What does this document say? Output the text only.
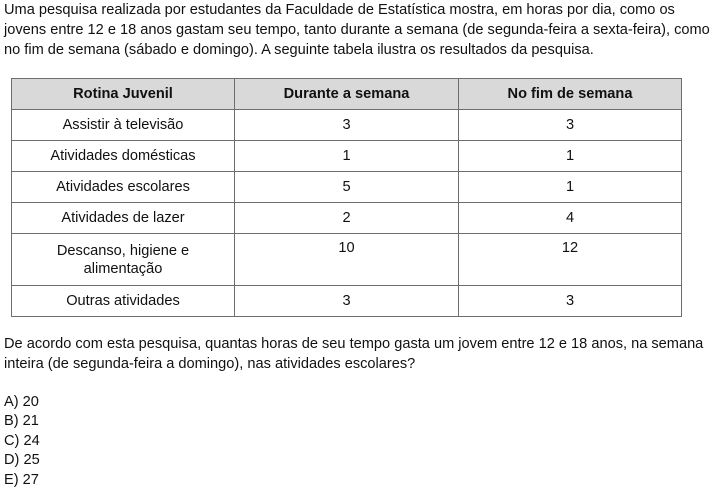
Uma pesquisa realizada por estudantes da Faculdade de Estatística mostra, em horas por dia, como os jovens entre 12 e 18 anos gastam seu tempo, tanto durante a semana (de segunda-feira a sexta-feira), como no fim de semana (sábado e domingo). A seguinte tabela ilustra os resultados da pesquisa.

Rotina Juvenil	Durante a semana	No fim de semana
Assistir à televisão	3	3
Atividades domésticas	1	1
Atividades escolares	5	1
Atividades de lazer	2	4
Descanso, higiene e alimentação	10	12
Outras atividades	3	3

De acordo com esta pesquisa, quantas horas de seu tempo gasta um jovem entre 12 e 18 anos, na semana inteira (de segunda-feira a domingo), nas atividades escolares?

A) 20
B) 21
C) 24
D) 25
E) 27
